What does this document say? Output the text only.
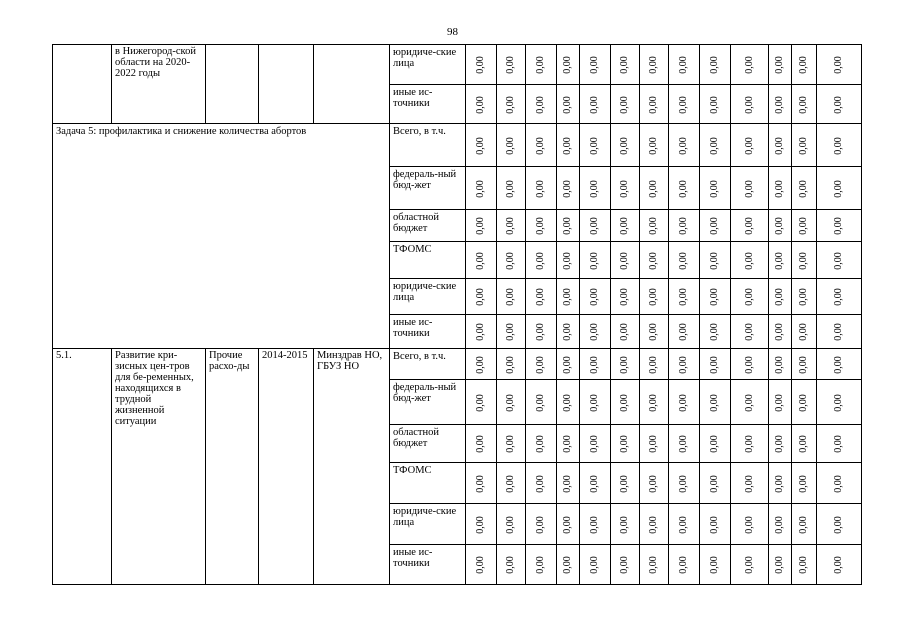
98
	в Нижегород-ской области на 2020-2022 годы				юридиче-ские лица	0,00	0,00	0,00	0,00	0,00	0,00	0,00	0,00	0,00	0,00	0,00	0,00	0,00
					иные ис-точники	0,00	0,00	0,00	0,00	0,00	0,00	0,00	0,00	0,00	0,00	0,00	0,00	0,00
Задача 5: профилактика и снижение количества абортов					Всего, в т.ч.	0,00	0,00	0,00	0,00	0,00	0,00	0,00	0,00	0,00	0,00	0,00	0,00	0,00
					федераль-ный бюд-жет	0,00	0,00	0,00	0,00	0,00	0,00	0,00	0,00	0,00	0,00	0,00	0,00	0,00
					областной бюджет	0,00	0,00	0,00	0,00	0,00	0,00	0,00	0,00	0,00	0,00	0,00	0,00	0,00
					ТФОМС	0,00	0,00	0,00	0,00	0,00	0,00	0,00	0,00	0,00	0,00	0,00	0,00	0,00
					юридиче-ские лица	0,00	0,00	0,00	0,00	0,00	0,00	0,00	0,00	0,00	0,00	0,00	0,00	0,00
					иные ис-точники	0,00	0,00	0,00	0,00	0,00	0,00	0,00	0,00	0,00	0,00	0,00	0,00	0,00
5.1.	Развитие кри-зисных цен-тров для бе-ременных, находящихся в трудной жизненной ситуации	Прочие расхо-ды	2014-2015	Минздрав НО, ГБУЗ НО	Всего, в т.ч.	0,00	0,00	0,00	0,00	0,00	0,00	0,00	0,00	0,00	0,00	0,00	0,00	0,00
					федераль-ный бюд-жет	0,00	0,00	0,00	0,00	0,00	0,00	0,00	0,00	0,00	0,00	0,00	0,00	0,00
					областной бюджет	0,00	0,00	0,00	0,00	0,00	0,00	0,00	0,00	0,00	0,00	0,00	0,00	0,00
					ТФОМС	0,00	0,00	0,00	0,00	0,00	0,00	0,00	0,00	0,00	0,00	0,00	0,00	0,00
					юридиче-ские лица	0,00	0,00	0,00	0,00	0,00	0,00	0,00	0,00	0,00	0,00	0,00	0,00	0,00
					иные ис-точники	0,00	0,00	0,00	0,00	0,00	0,00	0,00	0,00	0,00	0,00	0,00	0,00	0,00
